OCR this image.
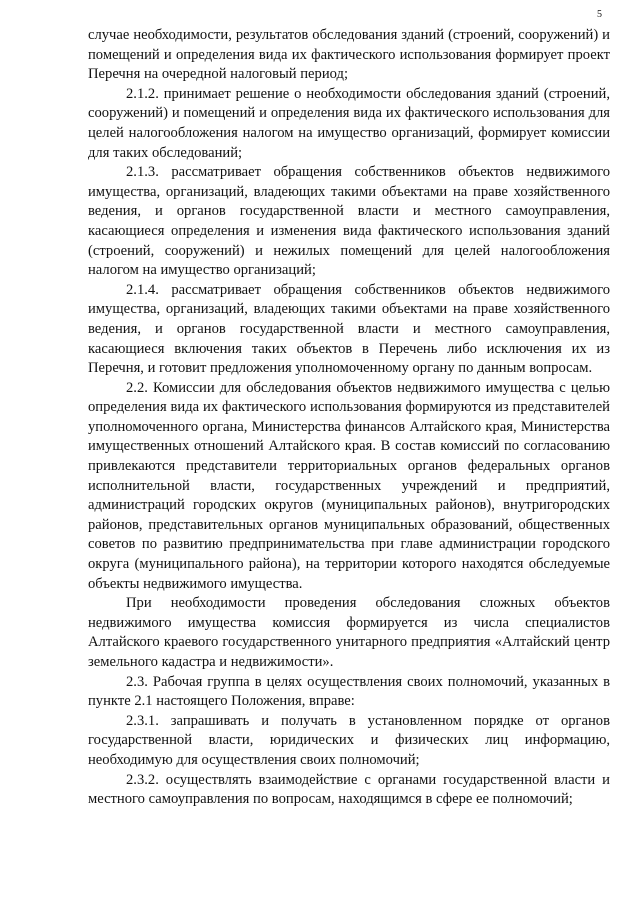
5

случае необходимости, результатов обследования зданий (строений, сооружений) и помещений и определения вида их фактического использования формирует проект Перечня на очередной налоговый период;

2.1.2. принимает решение о необходимости обследования зданий (строений, сооружений) и помещений и определения вида их фактического использования для целей налогообложения налогом на имущество организаций, формирует комиссии для таких обследований;

2.1.3. рассматривает обращения собственников объектов недвижимого имущества, организаций, владеющих такими объектами на праве хозяйственного ведения, и органов государственной власти и местного самоуправления, касающиеся определения и изменения вида фактического использования зданий (строений, сооружений) и нежилых помещений для целей налогообложения налогом на имущество организаций;

2.1.4. рассматривает обращения собственников объектов недвижимого имущества, организаций, владеющих такими объектами на праве хозяйственного ведения, и органов государственной власти и местного самоуправления, касающиеся включения таких объектов в Перечень либо исключения их из Перечня, и готовит предложения уполномоченному органу по данным вопросам.

2.2. Комиссии для обследования объектов недвижимого имущества с целью определения вида их фактического использования формируются из представителей уполномоченного органа, Министерства финансов Алтайского края, Министерства имущественных отношений Алтайского края. В состав комиссий по согласованию привлекаются представители территориальных органов федеральных органов исполнительной власти, государственных учреждений и предприятий, администраций городских округов (муниципальных районов), внутригородских районов, представительных органов муниципальных образований, общественных советов по развитию предпринимательства при главе администрации городского округа (муниципального района), на территории которого находятся обследуемые объекты недвижимого имущества.

При необходимости проведения обследования сложных объектов недвижимого имущества комиссия формируется из числа специалистов Алтайского краевого государственного унитарного предприятия «Алтайский центр земельного кадастра и недвижимости».

2.3. Рабочая группа в целях осуществления своих полномочий, указанных в пункте 2.1 настоящего Положения, вправе:

2.3.1. запрашивать и получать в установленном порядке от органов государственной власти, юридических и физических лиц информацию, необходимую для осуществления своих полномочий;

2.3.2. осуществлять взаимодействие с органами государственной власти и местного самоуправления по вопросам, находящимся в сфере ее полномочий;
